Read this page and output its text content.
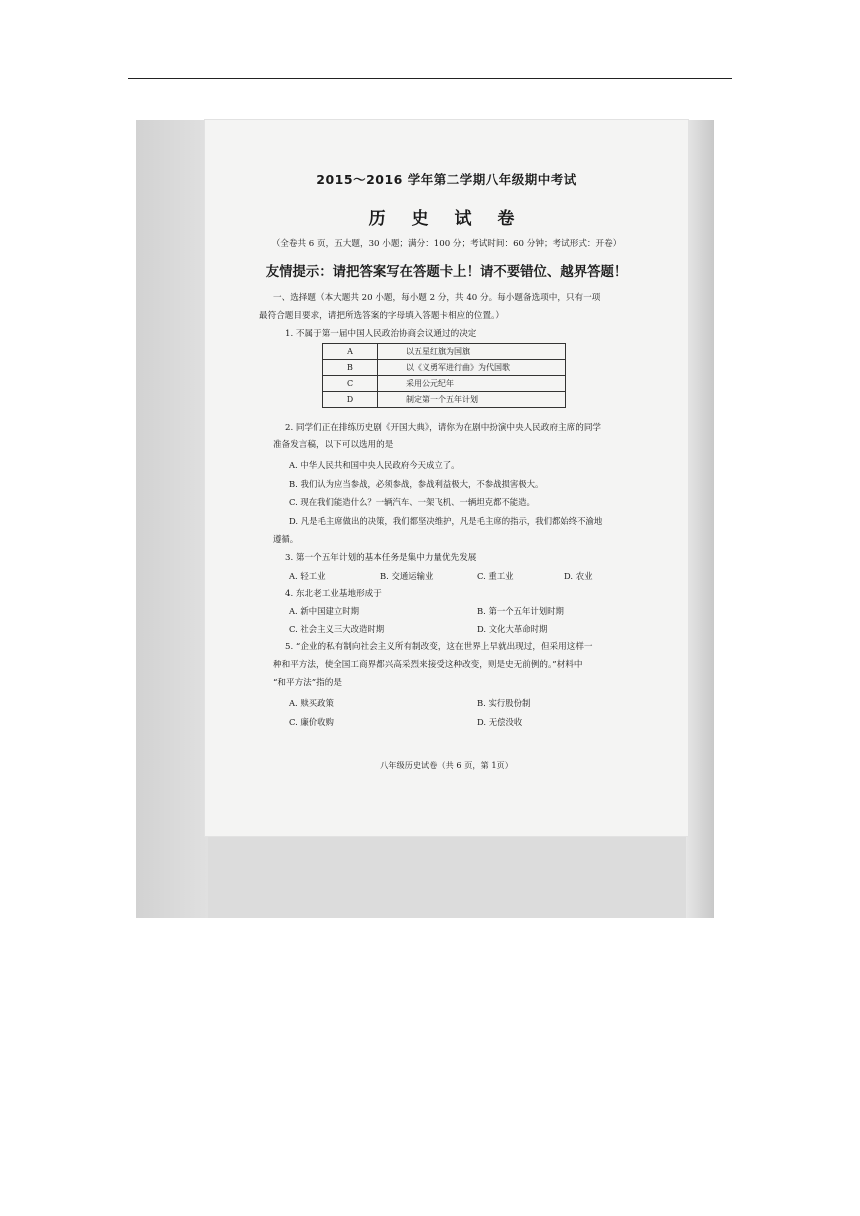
2015～2016 学年第二学期八年级期中考试
历 史 试 卷
（全卷共 6 页，五大题，30 小题；满分：100 分；考试时间：60 分钟；考试形式：开卷）
友情提示：请把答案写在答题卡上！请不要错位、越界答题！
一、选择题（本大题共 20 小题，每小题 2 分，共 40 分。每小题备选项中，只有一项
最符合题目要求，请把所选答案的字母填入答题卡相应的位置。）
1. 不属于第一届中国人民政治协商会议通过的决定
A	以五星红旗为国旗
B	以《义勇军进行曲》为代国歌
C	采用公元纪年
D	制定第一个五年计划
2. 同学们正在排练历史剧《开国大典》，请你为在剧中扮演中央人民政府主席的同学
准备发言稿，以下可以选用的是
A. 中华人民共和国中央人民政府今天成立了。
B. 我们认为应当参战，必须参战，参战利益极大，不参战损害极大。
C. 现在我们能造什么？一辆汽车、一架飞机、一辆坦克都不能造。
D. 凡是毛主席做出的决策，我们都坚决维护，凡是毛主席的指示，我们都始终不渝地
遵循。
3. 第一个五年计划的基本任务是集中力量优先发展
A. 轻工业	B. 交通运输业	C. 重工业	D. 农业
4. 东北老工业基地形成于
A. 新中国建立时期	B. 第一个五年计划时期
C. 社会主义三大改造时期	D. 文化大革命时期
5. “企业的私有制向社会主义所有制改变，这在世界上早就出现过，但采用这样一
种和平方法，使全国工商界都兴高采烈来接受这种改变，则是史无前例的。”材料中
“和平方法”指的是
A. 赎买政策	B. 实行股份制
C. 廉价收购	D. 无偿没收
八年级历史试卷（共 6 页，第 1页）
